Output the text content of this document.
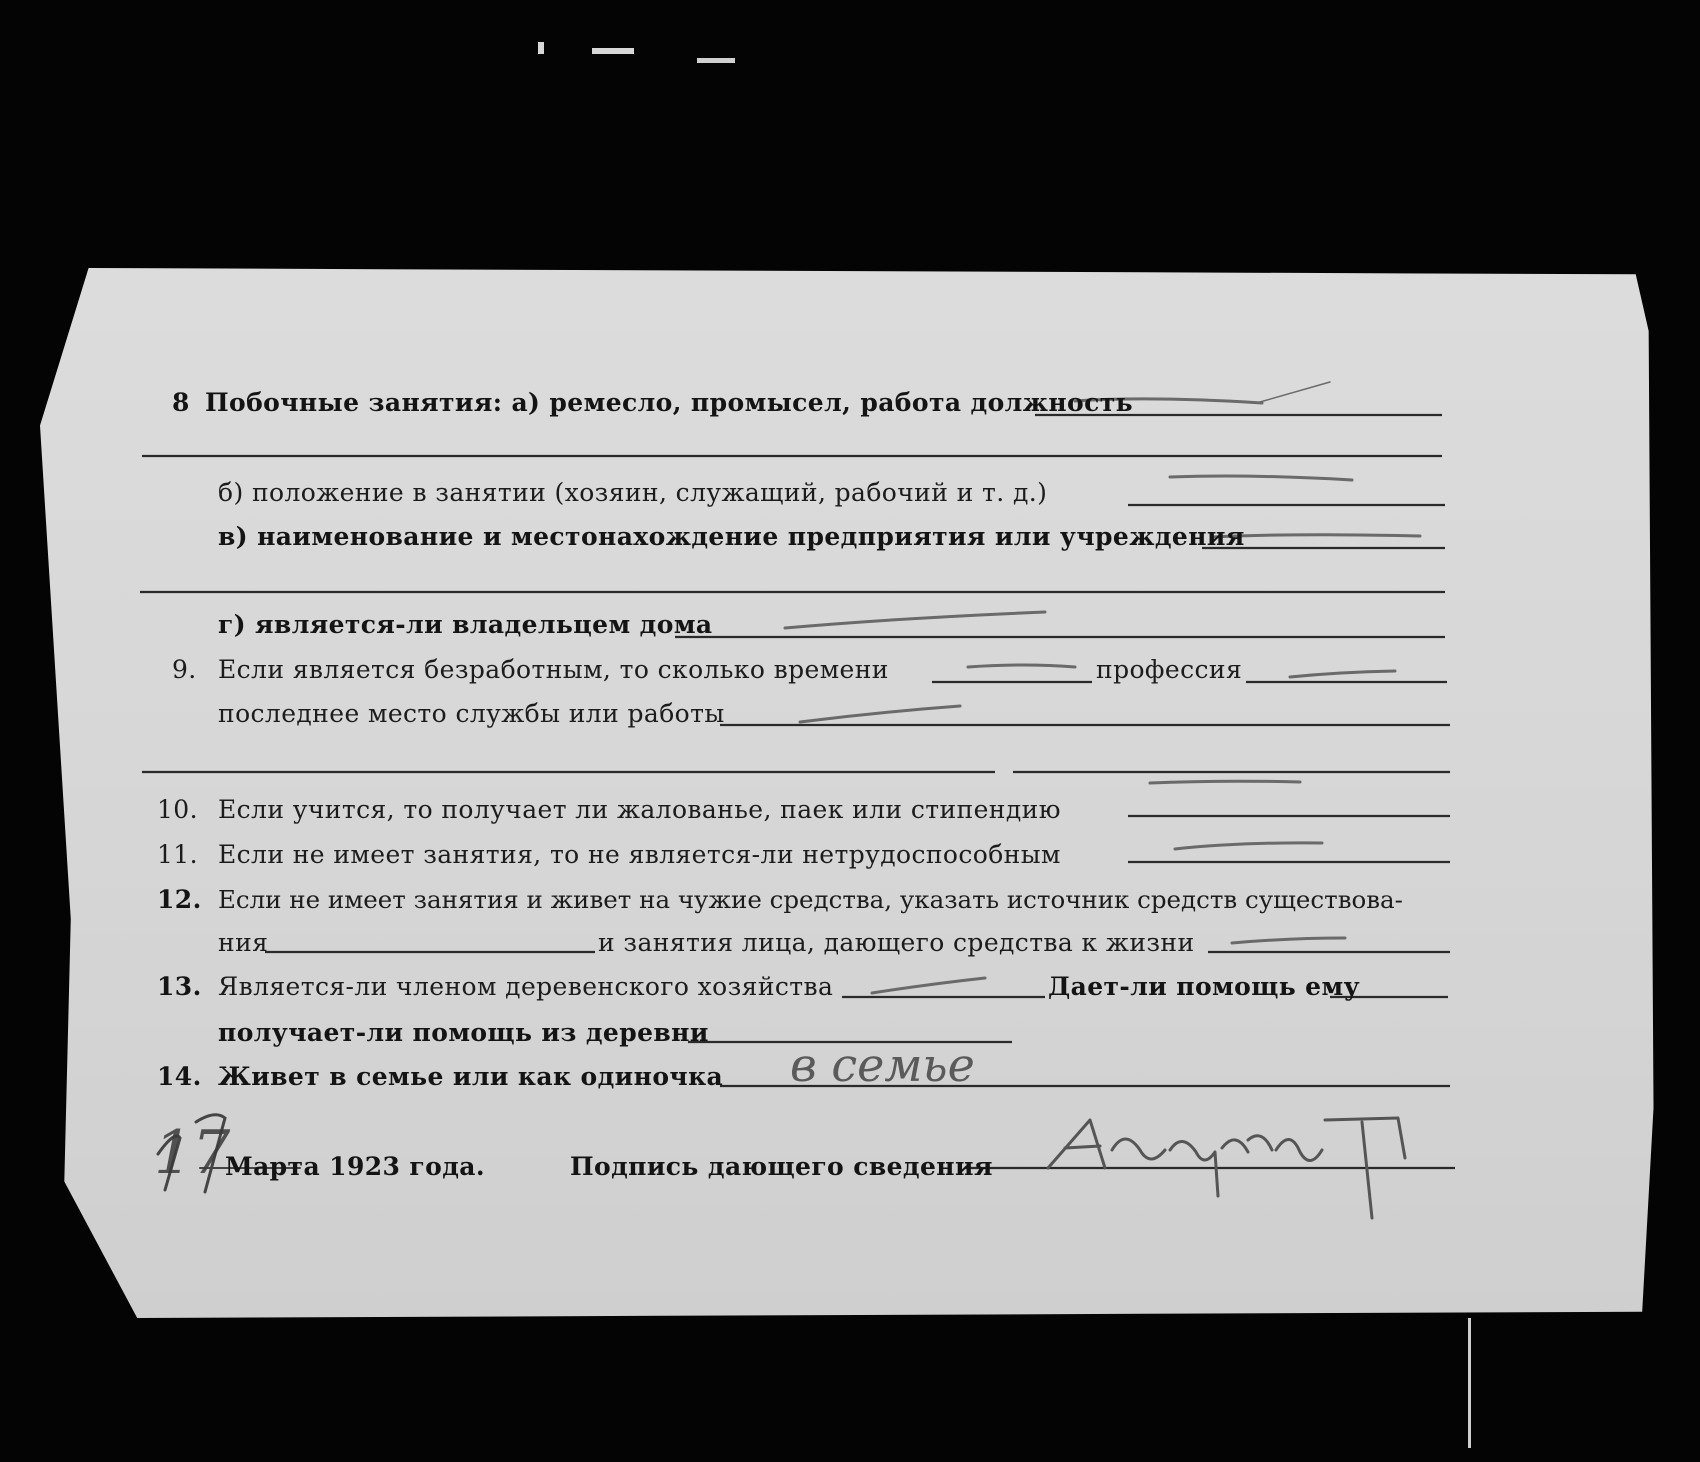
8 Побочные занятия: а) ремесло, промысел, работа должность
б) положение в занятии (хозяин, служащий, рабочий и т. д.)
в) наименование и местонахождение предприятия или учреждения
г) является-ли владельцем дома
9. Если является безработным, то сколько времени	профессия
последнее место службы или работы
10. Если учится, то получает ли жалованье, паек или стипендию
11. Если не имеет занятия, то не является-ли нетрудоспособным
12. Если не имеет занятия и живет на чужие средства, указать источник средств существова-
ния	и занятия лица, дающего средства к жизни
13. Является-ли членом деревенского хозяйства	Дает-ли помощь ему
получает-ли помощь из деревни
14. Живет в семье или как одиночка в семье
17
Марта 1923 года.	Подпись дающего сведения
